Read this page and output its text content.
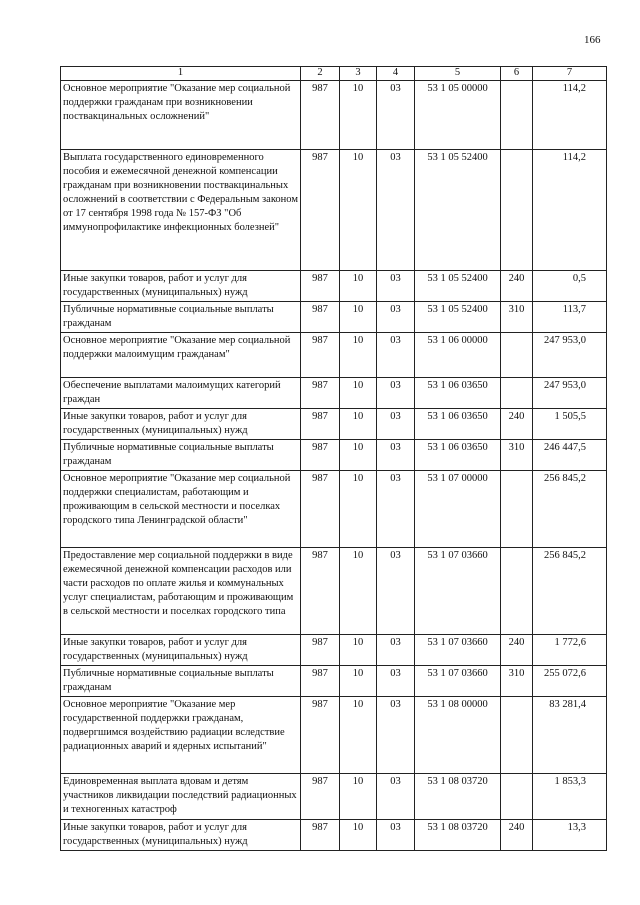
166
1	2	3	4	5	6	7
Основное мероприятие "Оказание мер социальной поддержки гражданам при возникновении поствакцинальных осложнений"	987	10	03	53 1 05 00000		114,2
Выплата государственного единовременного пособия и ежемесячной денежной компенсации гражданам при возникновении поствакцинальных осложнений в соответствии с Федеральным законом от 17 сентября 1998 года № 157-ФЗ "Об иммунопрофилактике инфекционных болезней"	987	10	03	53 1 05 52400		114,2
Иные закупки товаров, работ и услуг для государственных (муниципальных) нужд	987	10	03	53 1 05 52400	240	0,5
Публичные нормативные социальные выплаты гражданам	987	10	03	53 1 05 52400	310	113,7
Основное мероприятие "Оказание мер социальной поддержки малоимущим гражданам"	987	10	03	53 1 06 00000		247 953,0
Обеспечение выплатами малоимущих категорий граждан	987	10	03	53 1 06 03650		247 953,0
Иные закупки товаров, работ и услуг для государственных (муниципальных) нужд	987	10	03	53 1 06 03650	240	1 505,5
Публичные нормативные социальные выплаты гражданам	987	10	03	53 1 06 03650	310	246 447,5
Основное мероприятие "Оказание мер социальной поддержки специалистам, работающим и проживающим в сельской местности и поселках городского типа Ленинградской области"	987	10	03	53 1 07 00000		256 845,2
Предоставление мер социальной поддержки в виде ежемесячной денежной компенсации расходов или части расходов по оплате жилья и коммунальных услуг специалистам, работающим и проживающим в сельской местности и поселках городского типа	987	10	03	53 1 07 03660		256 845,2
Иные закупки товаров, работ и услуг для государственных (муниципальных) нужд	987	10	03	53 1 07 03660	240	1 772,6
Публичные нормативные социальные выплаты гражданам	987	10	03	53 1 07 03660	310	255 072,6
Основное мероприятие "Оказание мер государственной поддержки гражданам, подвергшимся воздействию радиации вследствие радиационных аварий и ядерных испытаний"	987	10	03	53 1 08 00000		83 281,4
Единовременная выплата вдовам и детям участников ликвидации последствий радиационных и техногенных катастроф	987	10	03	53 1 08 03720		1 853,3
Иные закупки товаров, работ и услуг для государственных (муниципальных) нужд	987	10	03	53 1 08 03720	240	13,3
